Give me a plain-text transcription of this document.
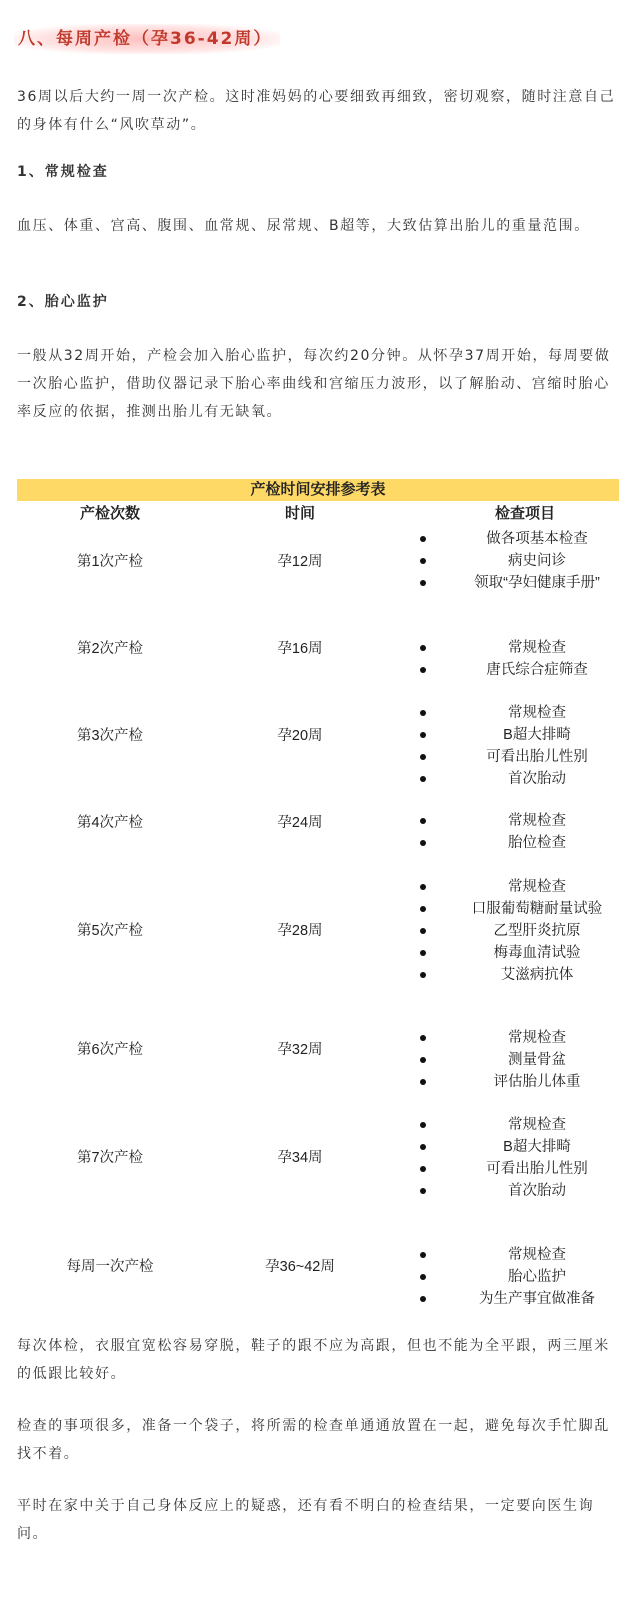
八、每周产检（孕36-42周）
36周以后大约一周一次产检。这时准妈妈的心要细致再细致，密切观察，随时注意自己的身体有什么“风吹草动”。
1、常规检查
血压、体重、宫高、腹围、血常规、尿常规、B超等，大致估算出胎儿的重量范围。
2、胎心监护
一般从32周开始，产检会加入胎心监护，每次约20分钟。从怀孕37周开始，每周要做一次胎心监护，借助仪器记录下胎心率曲线和宫缩压力波形，以了解胎动、宫缩时胎心率反应的依据，推测出胎儿有无缺氧。
产检时间安排参考表
产检次数	时间	检查项目
第1次产检	孕12周
做各项基本检查
病史问诊
领取“孕妇健康手册”
第2次产检	孕16周	常规检查
唐氏综合症筛查
第3次产检	孕20周
常规检查
B超大排畸
可看出胎儿性别
首次胎动
第4次产检	孕24周	常规检查
胎位检查
第5次产检	孕28周
常规检查
口服葡萄糖耐量试验
乙型肝炎抗原
梅毒血清试验
艾滋病抗体
第6次产检	孕32周
常规检查
测量骨盆
评估胎儿体重
第7次产检	孕34周
常规检查
B超大排畸
可看出胎儿性别
首次胎动
每周一次产检	孕36~42周
常规检查
胎心监护
为生产事宜做准备
每次体检，衣服宜宽松容易穿脱，鞋子的跟不应为高跟，但也不能为全平跟，两三厘米的低跟比较好。
检查的事项很多，准备一个袋子，将所需的检查单通通放置在一起，避免每次手忙脚乱找不着。
平时在家中关于自己身体反应上的疑惑，还有看不明白的检查结果，一定要向医生询问。
